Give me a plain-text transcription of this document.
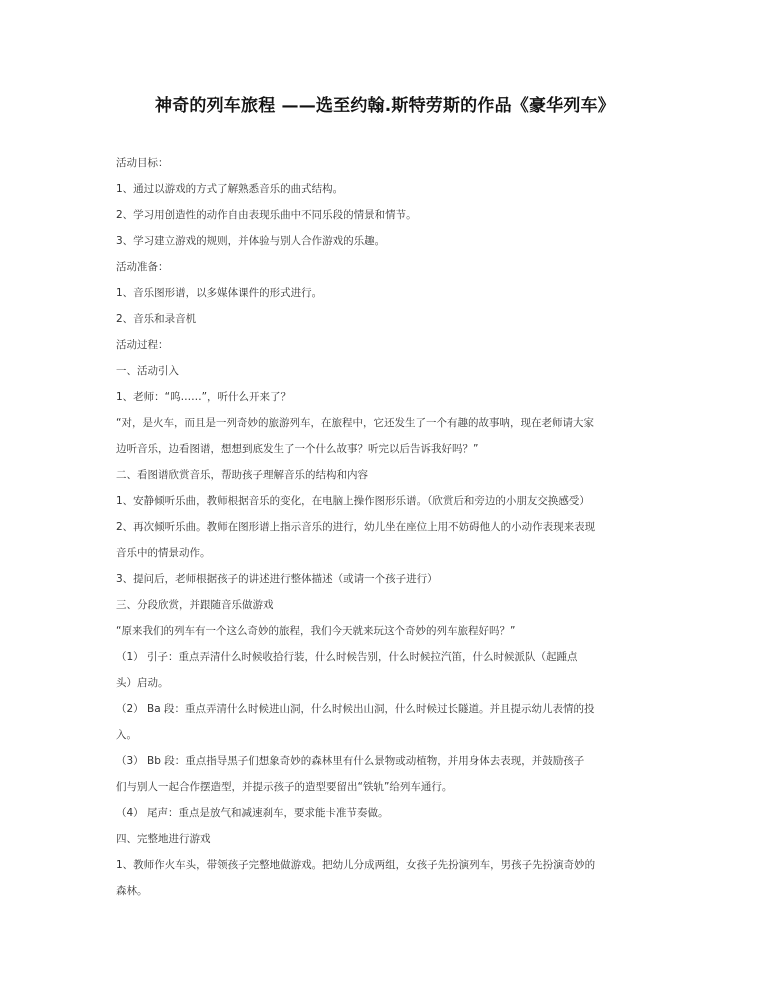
神奇的列车旅程 ——选至约翰.斯特劳斯的作品《豪华列车》
活动目标：
1、通过以游戏的方式了解熟悉音乐的曲式结构。
2、学习用创造性的动作自由表现乐曲中不同乐段的情景和情节。
3、学习建立游戏的规则，并体验与别人合作游戏的乐趣。
活动准备：
1、音乐图形谱，以多媒体课件的形式进行。
2、音乐和录音机
活动过程：
一、活动引入
1、老师：“呜……”，听什么开来了？
“对，是火车，而且是一列奇妙的旅游列车，在旅程中，它还发生了一个有趣的故事呐，现在老师请大家
边听音乐，边看图谱，想想到底发生了一个什么故事？听完以后告诉我好吗？”
二、看图谱欣赏音乐，帮助孩子理解音乐的结构和内容
1、安静倾听乐曲，教师根据音乐的变化，在电脑上操作图形乐谱。（欣赏后和旁边的小朋友交换感受）
2、再次倾听乐曲。教师在图形谱上指示音乐的进行，幼儿坐在座位上用不妨碍他人的小动作表现来表现
音乐中的情景动作。
3、提问后，老师根据孩子的讲述进行整体描述（或请一个孩子进行）
三、分段欣赏，并跟随音乐做游戏
“原来我们的列车有一个这么奇妙的旅程，我们今天就来玩这个奇妙的列车旅程好吗？”
（1） 引子：重点弄清什么时候收拾行装，什么时候告别，什么时候拉汽笛，什么时候派队（起踵点
头）启动。
（2） Ba 段：重点弄清什么时候进山洞，什么时候出山洞，什么时候过长隧道。并且提示幼儿表情的投
入。
（3） Bb 段：重点指导黑子们想象奇妙的森林里有什么景物或动植物，并用身体去表现，并鼓励孩子
们与别人一起合作摆造型，并提示孩子的造型要留出“铁轨”给列车通行。
（4） 尾声：重点是放气和减速刹车，要求能卡准节奏做。
四、完整地进行游戏
1、教师作火车头，带领孩子完整地做游戏。把幼儿分成两组，女孩子先扮演列车，男孩子先扮演奇妙的
森林。
